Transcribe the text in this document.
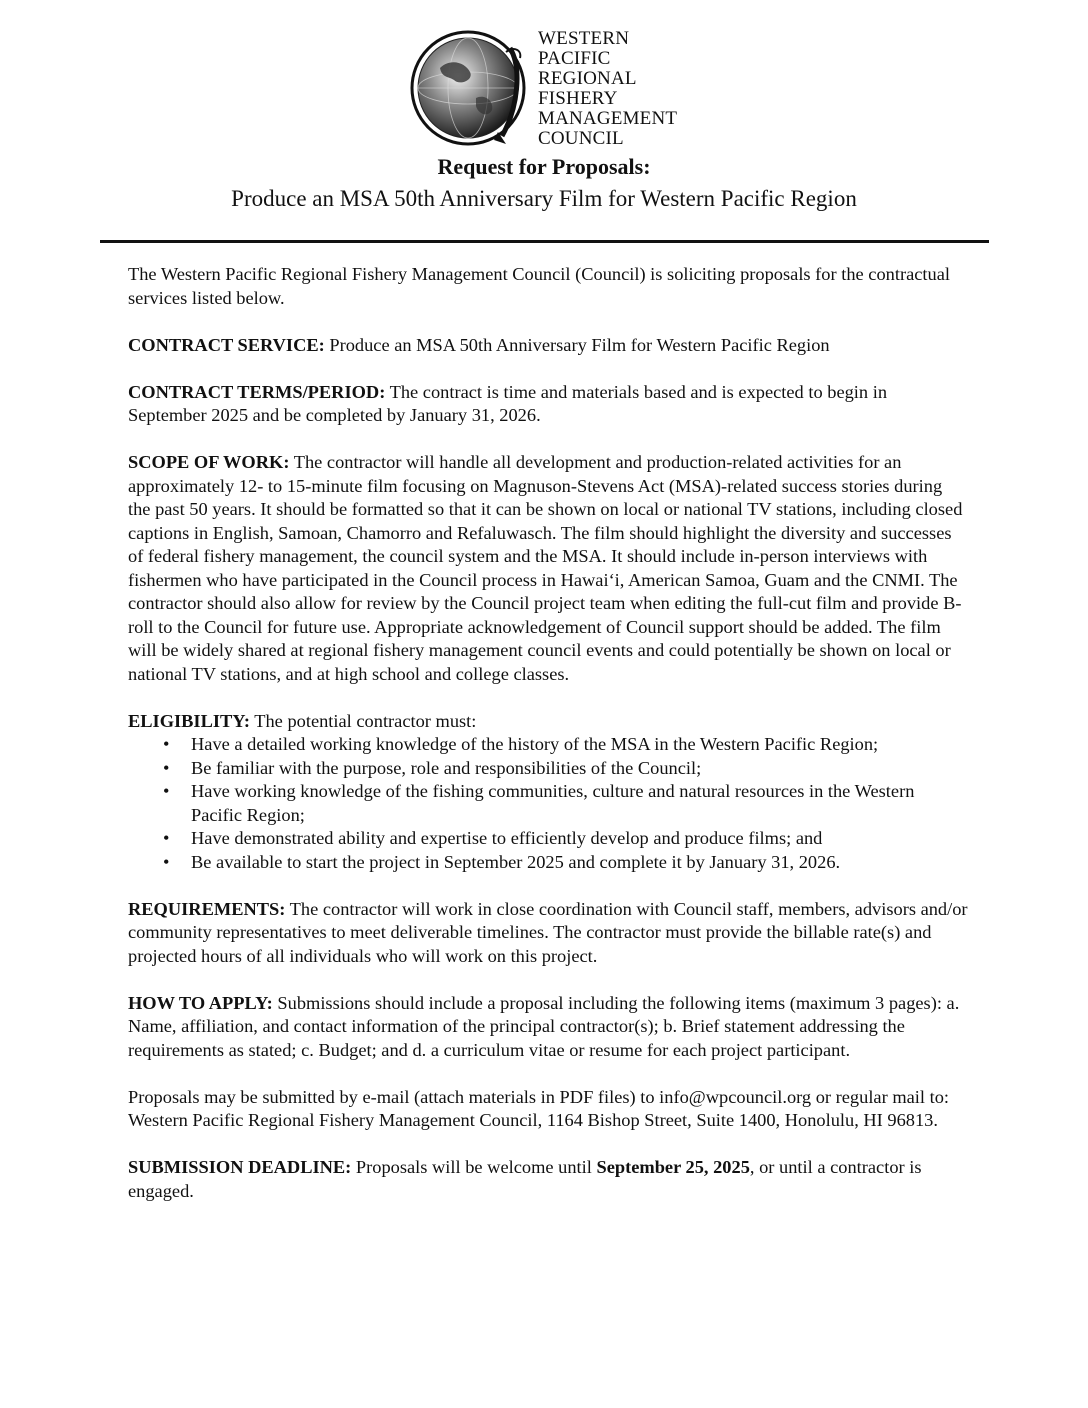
WESTERN
PACIFIC
REGIONAL
FISHERY
MANAGEMENT
COUNCIL
Request for Proposals:
Produce an MSA 50th Anniversary Film for Western Pacific Region

The Western Pacific Regional Fishery Management Council (Council) is soliciting proposals for the contractual services listed below.

CONTRACT SERVICE: Produce an MSA 50th Anniversary Film for Western Pacific Region

CONTRACT TERMS/PERIOD: The contract is time and materials based and is expected to begin in September 2025 and be completed by January 31, 2026.

SCOPE OF WORK: The contractor will handle all development and production-related activities for an approximately 12- to 15-minute film focusing on Magnuson-Stevens Act (MSA)-related success stories during the past 50 years. It should be formatted so that it can be shown on local or national TV stations, including closed captions in English, Samoan, Chamorro and Refaluwasch. The film should highlight the diversity and successes of federal fishery management, the council system and the MSA. It should include in-person interviews with fishermen who have participated in the Council process in Hawai‘i, American Samoa, Guam and the CNMI. The contractor should also allow for review by the Council project team when editing the full-cut film and provide B-roll to the Council for future use. Appropriate acknowledgement of Council support should be added. The film will be widely shared at regional fishery management council events and could potentially be shown on local or national TV stations, and at high school and college classes.

ELIGIBILITY: The potential contractor must:
• Have a detailed working knowledge of the history of the MSA in the Western Pacific Region;
• Be familiar with the purpose, role and responsibilities of the Council;
• Have working knowledge of the fishing communities, culture and natural resources in the Western Pacific Region;
• Have demonstrated ability and expertise to efficiently develop and produce films; and
• Be available to start the project in September 2025 and complete it by January 31, 2026.

REQUIREMENTS: The contractor will work in close coordination with Council staff, members, advisors and/or community representatives to meet deliverable timelines. The contractor must provide the billable rate(s) and projected hours of all individuals who will work on this project.

HOW TO APPLY: Submissions should include a proposal including the following items (maximum 3 pages): a. Name, affiliation, and contact information of the principal contractor(s); b. Brief statement addressing the requirements as stated; c. Budget; and d. a curriculum vitae or resume for each project participant.

Proposals may be submitted by e-mail (attach materials in PDF files) to info@wpcouncil.org or regular mail to: Western Pacific Regional Fishery Management Council, 1164 Bishop Street, Suite 1400, Honolulu, HI 96813.

SUBMISSION DEADLINE: Proposals will be welcome until September 25, 2025, or until a contractor is engaged.
